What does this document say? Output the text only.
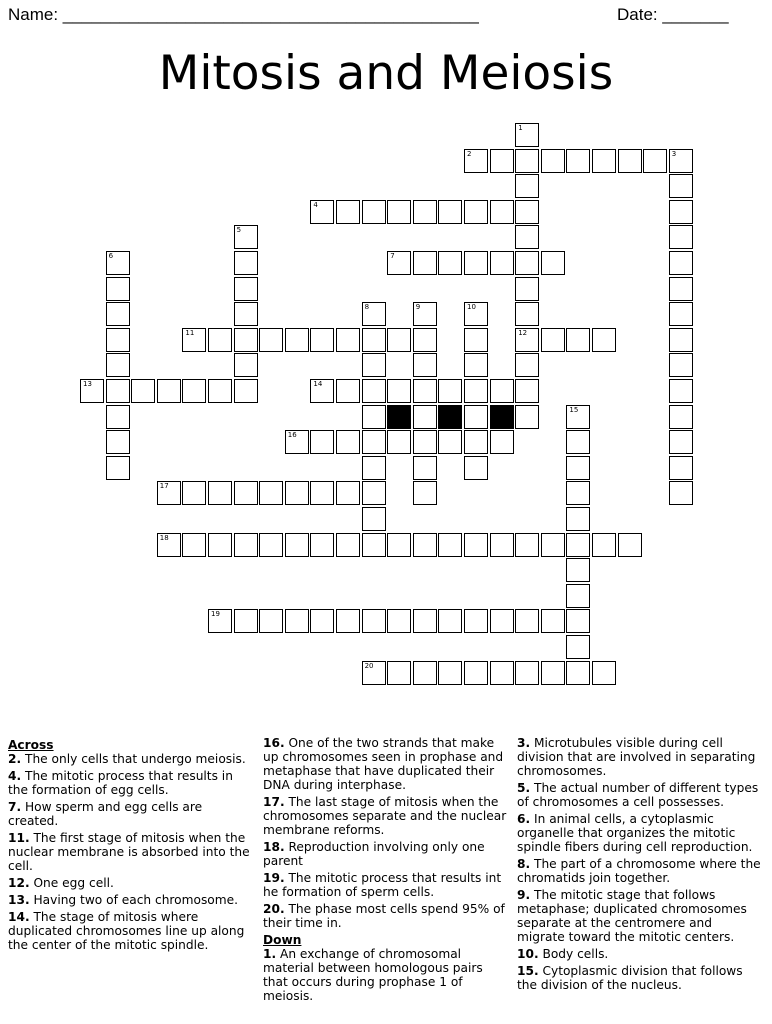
Name: ____________________________________________	Date: _______
Mitosis and Meiosis
1
12
2	3
4
5
6	7
8	9	10
11
13	14
15
16
17
18
19
20
Across
2. The only cells that undergo meiosis.
4. The mitotic process that results in the formation of egg cells.
7. How sperm and egg cells are created.
11. The first stage of mitosis when the nuclear membrane is absorbed into the cell.
12. One egg cell.
13. Having two of each chromosome.
14. The stage of mitosis where duplicated chromosomes line up along the center of the mitotic spindle.
16. One of the two strands that make up chromosomes seen in prophase and metaphase that have duplicated their DNA during interphase.
17. The last stage of mitosis when the chromosomes separate and the nuclear membrane reforms.
18. Reproduction involving only one parent
19. The mitotic process that results int he formation of sperm cells.
20. The phase most cells spend 95% of their time in.
Down
1. An exchange of chromosomal material between homologous pairs that occurs during prophase 1 of meiosis.
3. Microtubules visible during cell division that are involved in separating chromosomes.
5. The actual number of different types of chromosomes a cell possesses.
6. In animal cells, a cytoplasmic organelle that organizes the mitotic spindle fibers during cell reproduction.
8. The part of a chromosome where the chromatids join together.
9. The mitotic stage that follows metaphase; duplicated chromosomes separate at the centromere and migrate toward the mitotic centers.
10. Body cells.
15. Cytoplasmic division that follows the division of the nucleus.
